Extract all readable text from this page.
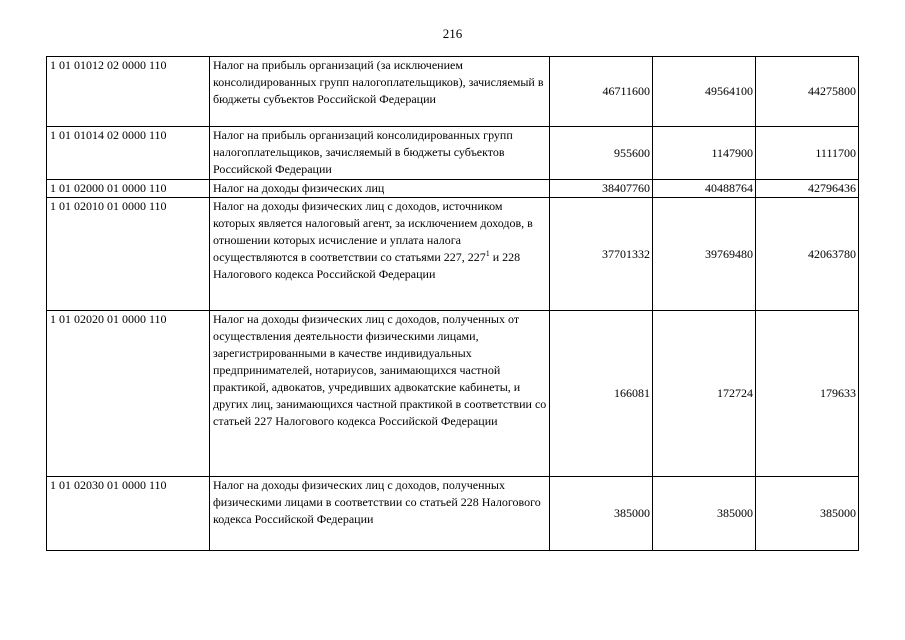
216
1 01 01012 02 0000 110	Налог на прибыль организаций (за исключением консолидированных групп налогоплательщиков), зачисляемый в бюджеты субъектов Российской Федерации	46711600	49564100	44275800
1 01 01014 02 0000 110	Налог на прибыль организаций консолидированных групп налогоплательщиков, зачисляемый в бюджеты субъектов Российской Федерации	955600	1147900	1111700
1 01 02000 01 0000 110	Налог на доходы физических лиц	38407760	40488764	42796436
1 01 02010 01 0000 110	Налог на доходы физических лиц с доходов, источником которых является налоговый агент, за исключением доходов, в отношении которых исчисление и уплата налога осуществляются в соответствии со статьями 227, $227^1$ и 228 Налогового кодекса Российской Федерации	37701332	39769480	42063780
1 01 02020 01 0000 110	Налог на доходы физических лиц с доходов, полученных от осуществления деятельности физическими лицами, зарегистрированными в качестве индивидуальных предпринимателей, нотариусов, занимающихся частной практикой, адвокатов, учредивших адвокатские кабинеты, и других лиц, занимающихся частной практикой в соответствии со статьей 227 Налогового кодекса Российской Федерации	166081	172724	179633
1 01 02030 01 0000 110	Налог на доходы физических лиц с доходов, полученных физическими лицами в соответствии со статьей 228 Налогового кодекса Российской Федерации	385000	385000	385000
